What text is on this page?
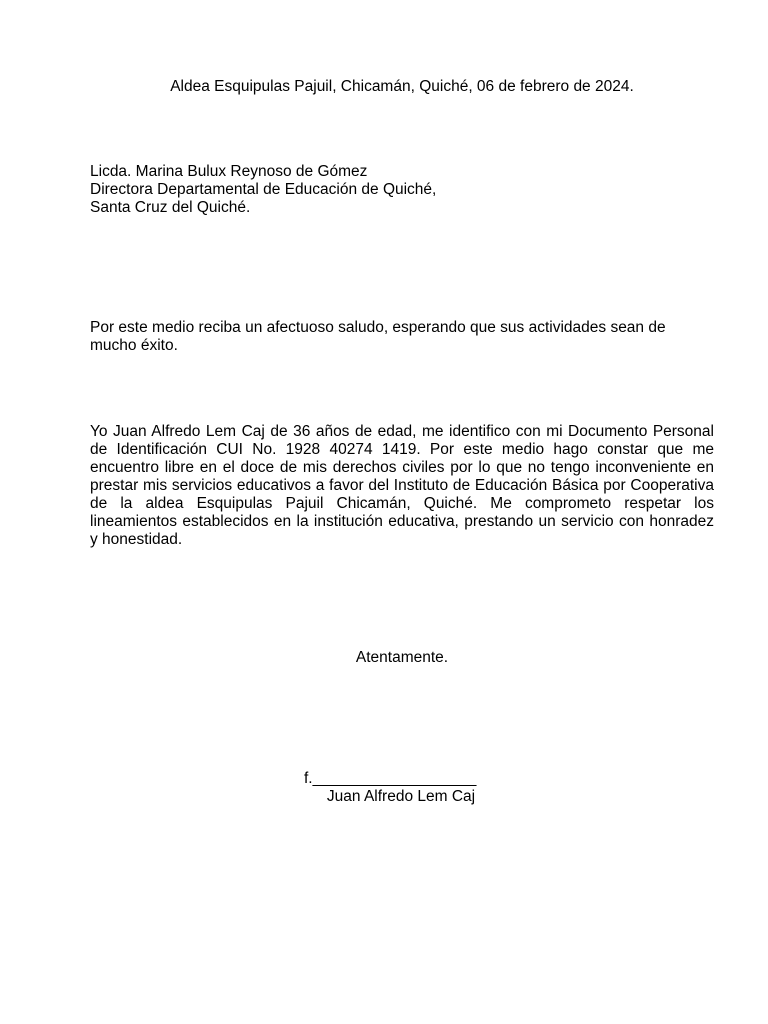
Aldea Esquipulas Pajuil, Chicamán, Quiché, 06 de febrero de 2024.
Licda. Marina Bulux Reynoso de Gómez
Directora Departamental de Educación de Quiché,
Santa Cruz del Quiché.
Por este medio reciba un afectuoso saludo, esperando que sus actividades sean de mucho éxito.
Yo Juan Alfredo Lem Caj de 36 años de edad, me identifico con mi Documento Personal de Identificación CUI No. 1928 40274 1419. Por este medio hago constar que me encuentro libre en el doce de mis derechos civiles por lo que no tengo inconveniente en prestar mis servicios educativos a favor del Instituto de Educación Básica por Cooperativa de la aldea Esquipulas Pajuil Chicamán, Quiché. Me comprometo respetar los lineamientos establecidos en la institución educativa, prestando un servicio con honradez y honestidad.
Atentamente.
f.___________________
Juan Alfredo Lem Caj
